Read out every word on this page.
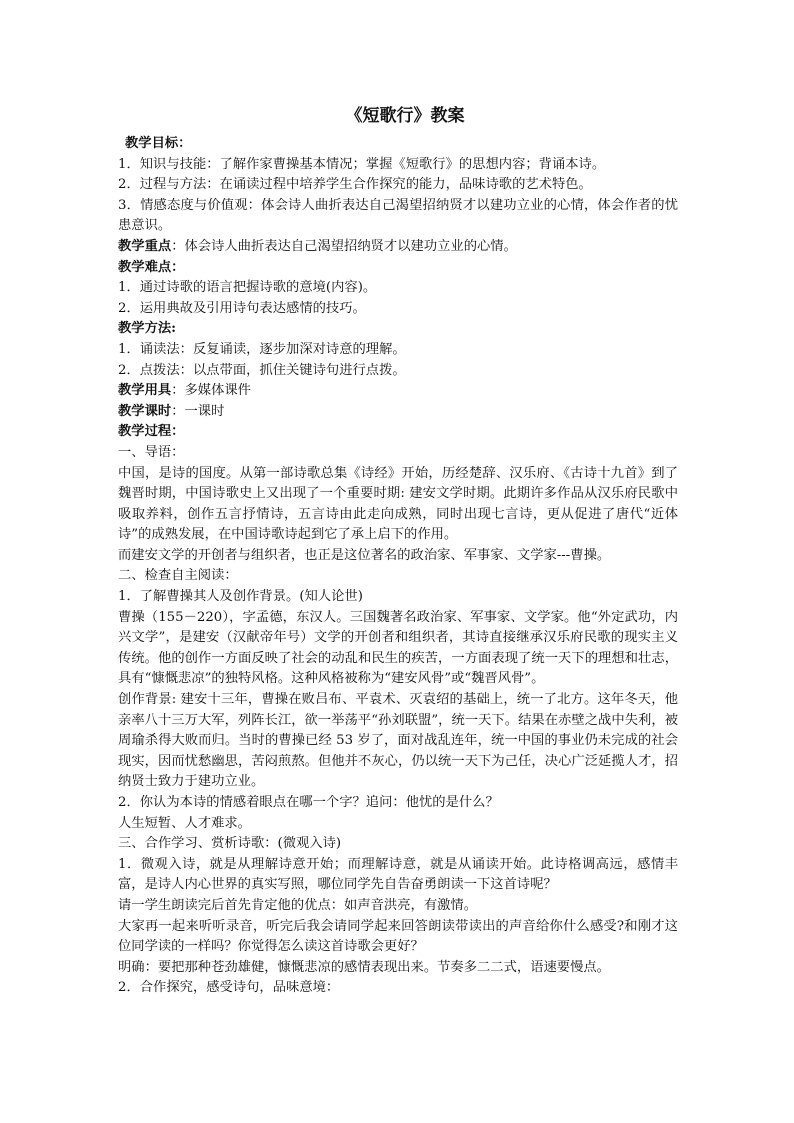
《短歌行》教案

教学目标：

1．知识与技能：了解作家曹操基本情况；掌握《短歌行》的思想内容；背诵本诗。

2．过程与方法：在诵读过程中培养学生合作探究的能力，品味诗歌的艺术特色。

3．情感态度与价值观：体会诗人曲折表达自己渴望招纳贤才以建功立业的心情，体会作者的忧患意识。

教学重点：体会诗人曲折表达自己渴望招纳贤才以建功立业的心情。

教学难点：

1．通过诗歌的语言把握诗歌的意境(内容)。

2．运用典故及引用诗句表达感情的技巧。

教学方法:

1．诵读法：反复诵读，逐步加深对诗意的理解。

2．点拨法：以点带面，抓住关键诗句进行点拨。

教学用具：多媒体课件

教学课时：一课时

教学过程：

一、导语：

中国，是诗的国度。从第一部诗歌总集《诗经》开始，历经楚辞、汉乐府、《古诗十九首》到了魏晋时期，中国诗歌史上又出现了一个重要时期: 建安文学时期。此期许多作品从汉乐府民歌中吸取养料，创作五言抒情诗，五言诗由此走向成熟，同时出现七言诗，更从促进了唐代“近体诗”的成熟发展，在中国诗歌诗起到它了承上启下的作用。

而建安文学的开创者与组织者，也正是这位著名的政治家、军事家、文学家---曹操。

二、检查自主阅读：

1．了解曹操其人及创作背景。(知人论世)

曹操（155－220），字孟德，东汉人。三国魏著名政治家、军事家、文学家。他“外定武功，内兴文学”，是建安（汉献帝年号）文学的开创者和组织者，其诗直接继承汉乐府民歌的现实主义传统。他的创作一方面反映了社会的动乱和民生的疾苦，一方面表现了统一天下的理想和壮志，具有“慷慨悲凉”的独特风格。这种风格被称为“建安风骨”或“魏晋风骨”。

创作背景: 建安十三年，曹操在败吕布、平袁术、灭袁绍的基础上，统一了北方。这年冬天，他亲率八十三万大军，列阵长江，欲一举荡平“孙刘联盟”，统一天下。结果在赤壁之战中失利，被周瑜杀得大败而归。当时的曹操已经 53 岁了，面对战乱连年，统一中国的事业仍未完成的社会现实，因而忧愁幽思，苦闷煎熬。但他并不灰心，仍以统一天下为己任，决心广泛延揽人才，招纳贤士致力于建功立业。

2．你认为本诗的情感着眼点在哪一个字？追问：他忧的是什么？

人生短暂、人才难求。

三、合作学习、赏析诗歌：(微观入诗)

1．微观入诗，就是从理解诗意开始；而理解诗意，就是从诵读开始。此诗格调高远，感情丰富，是诗人内心世界的真实写照，哪位同学先自告奋勇朗读一下这首诗呢？

请一学生朗读完后首先肯定他的优点：如声音洪亮，有激情。

大家再一起来听听录音，听完后我会请同学起来回答朗读带读出的声音给你什么感受?和刚才这位同学读的一样吗？你觉得怎么读这首诗歌会更好？

明确：要把那种苍劲雄健，慷慨悲凉的感情表现出来。节奏多二二式，语速要慢点。

2．合作探究，感受诗句，品味意境：
